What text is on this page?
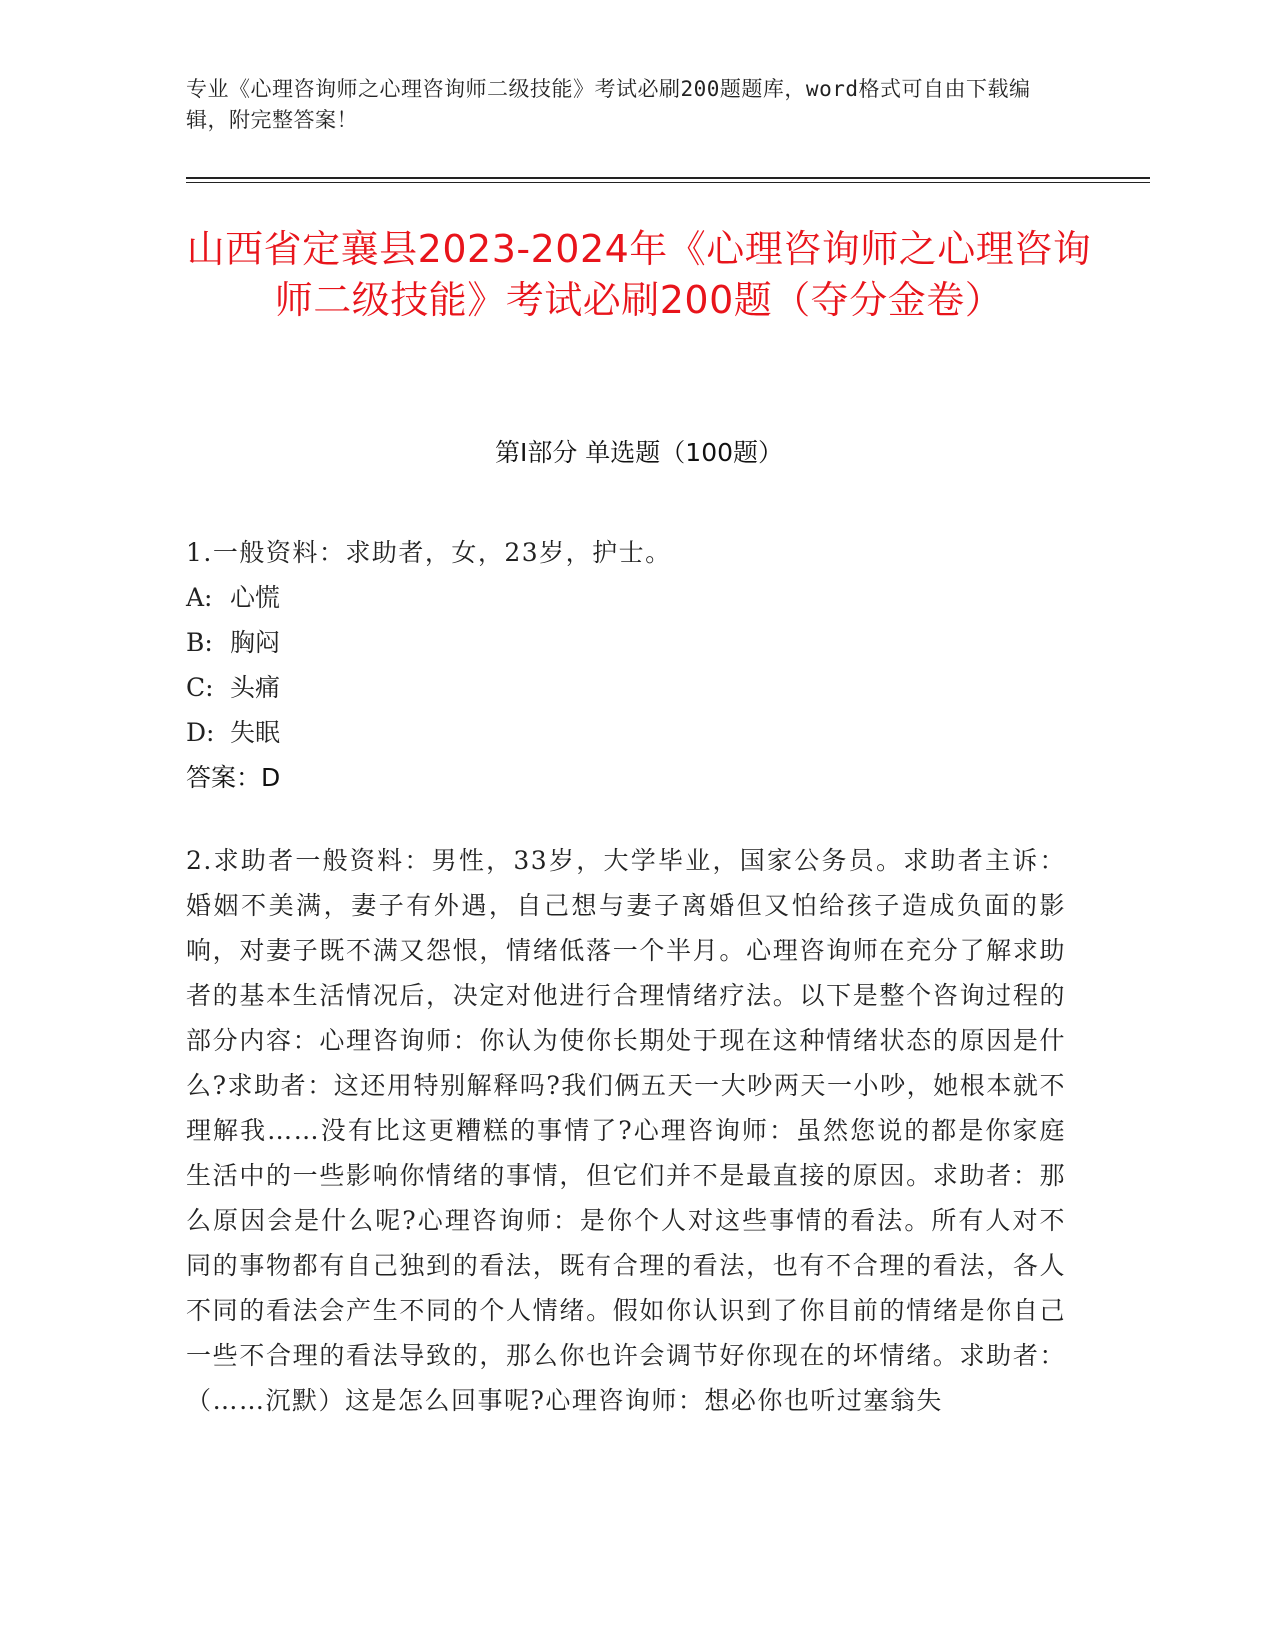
专业《心理咨询师之心理咨询师二级技能》考试必刷200题题库，word格式可自由下载编辑，附完整答案！
山西省定襄县2023-2024年《心理咨询师之心理咨询师二级技能》考试必刷200题（夺分金卷）
第Ⅰ部分 单选题（100题）

1.一般资料：求助者，女，23岁，护士。

A: 心慌

B: 胸闷

C: 头痛

D: 失眠

答案：D

2.求助者一般资料：男性，33岁，大学毕业，国家公务员。求助者主诉：婚姻不美满，妻子有外遇，自己想与妻子离婚但又怕给孩子造成负面的影响，对妻子既不满又怨恨，情绪低落一个半月。心理咨询师在充分了解求助者的基本生活情况后，决定对他进行合理情绪疗法。以下是整个咨询过程的部分内容：心理咨询师：你认为使你长期处于现在这种情绪状态的原因是什么?求助者：这还用特别解释吗?我们俩五天一大吵两天一小吵，她根本就不理解我……没有比这更糟糕的事情了?心理咨询师：虽然您说的都是你家庭生活中的一些影响你情绪的事情，但它们并不是最直接的原因。求助者：那么原因会是什么呢?心理咨询师：是你个人对这些事情的看法。所有人对不同的事物都有自己独到的看法，既有合理的看法，也有不合理的看法，各人不同的看法会产生不同的个人情绪。假如你认识到了你目前的情绪是你自己一些不合理的看法导致的，那么你也许会调节好你现在的坏情绪。求助者：（……沉默）这是怎么回事呢?心理咨询师：想必你也听过塞翁失
